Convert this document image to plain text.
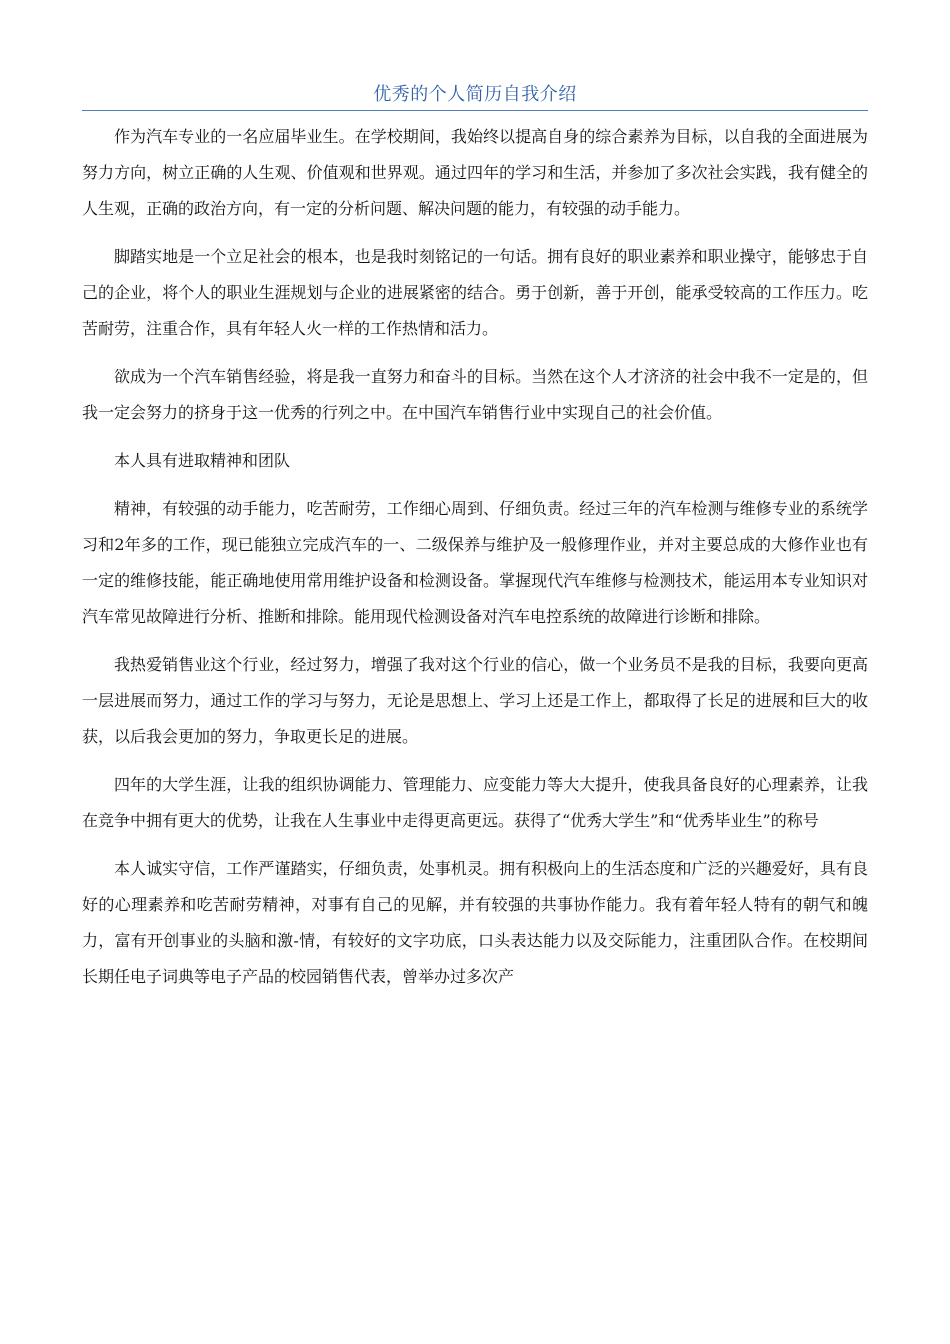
优秀的个人简历自我介绍

作为汽车专业的一名应届毕业生。在学校期间，我始终以提高自身的综合素养为目标，以自我的全面进展为努力方向，树立正确的人生观、价值观和世界观。通过四年的学习和生活，并参加了多次社会实践，我有健全的人生观，正确的政治方向，有一定的分析问题、解决问题的能力，有较强的动手能力。

脚踏实地是一个立足社会的根本，也是我时刻铭记的一句话。拥有良好的职业素养和职业操守，能够忠于自己的企业，将个人的职业生涯规划与企业的进展紧密的结合。勇于创新，善于开创，能承受较高的工作压力。吃苦耐劳，注重合作，具有年轻人火一样的工作热情和活力。

欲成为一个汽车销售经验，将是我一直努力和奋斗的目标。当然在这个人才济济的社会中我不一定是的，但我一定会努力的挤身于这一优秀的行列之中。在中国汽车销售行业中实现自己的社会价值。

本人具有进取精神和团队

精神，有较强的动手能力，吃苦耐劳，工作细心周到、仔细负责。经过三年的汽车检测与维修专业的系统学习和2年多的工作，现已能独立完成汽车的一、二级保养与维护及一般修理作业，并对主要总成的大修作业也有一定的维修技能，能正确地使用常用维护设备和检测设备。掌握现代汽车维修与检测技术，能运用本专业知识对汽车常见故障进行分析、推断和排除。能用现代检测设备对汽车电控系统的故障进行诊断和排除。

我热爱销售业这个行业，经过努力，增强了我对这个行业的信心，做一个业务员不是我的目标，我要向更高一层进展而努力，通过工作的学习与努力，无论是思想上、学习上还是工作上，都取得了长足的进展和巨大的收获，以后我会更加的努力，争取更长足的进展。

四年的大学生涯，让我的组织协调能力、管理能力、应变能力等大大提升，使我具备良好的心理素养，让我在竞争中拥有更大的优势，让我在人生事业中走得更高更远。获得了“优秀大学生”和“优秀毕业生”的称号

本人诚实守信，工作严谨踏实，仔细负责，处事机灵。拥有积极向上的生活态度和广泛的兴趣爱好，具有良好的心理素养和吃苦耐劳精神，对事有自己的见解，并有较强的共事协作能力。我有着年轻人特有的朝气和魄力，富有开创事业的头脑和激-情，有较好的文字功底，口头表达能力以及交际能力，注重团队合作。在校期间长期任电子词典等电子产品的校园销售代表，曾举办过多次产
